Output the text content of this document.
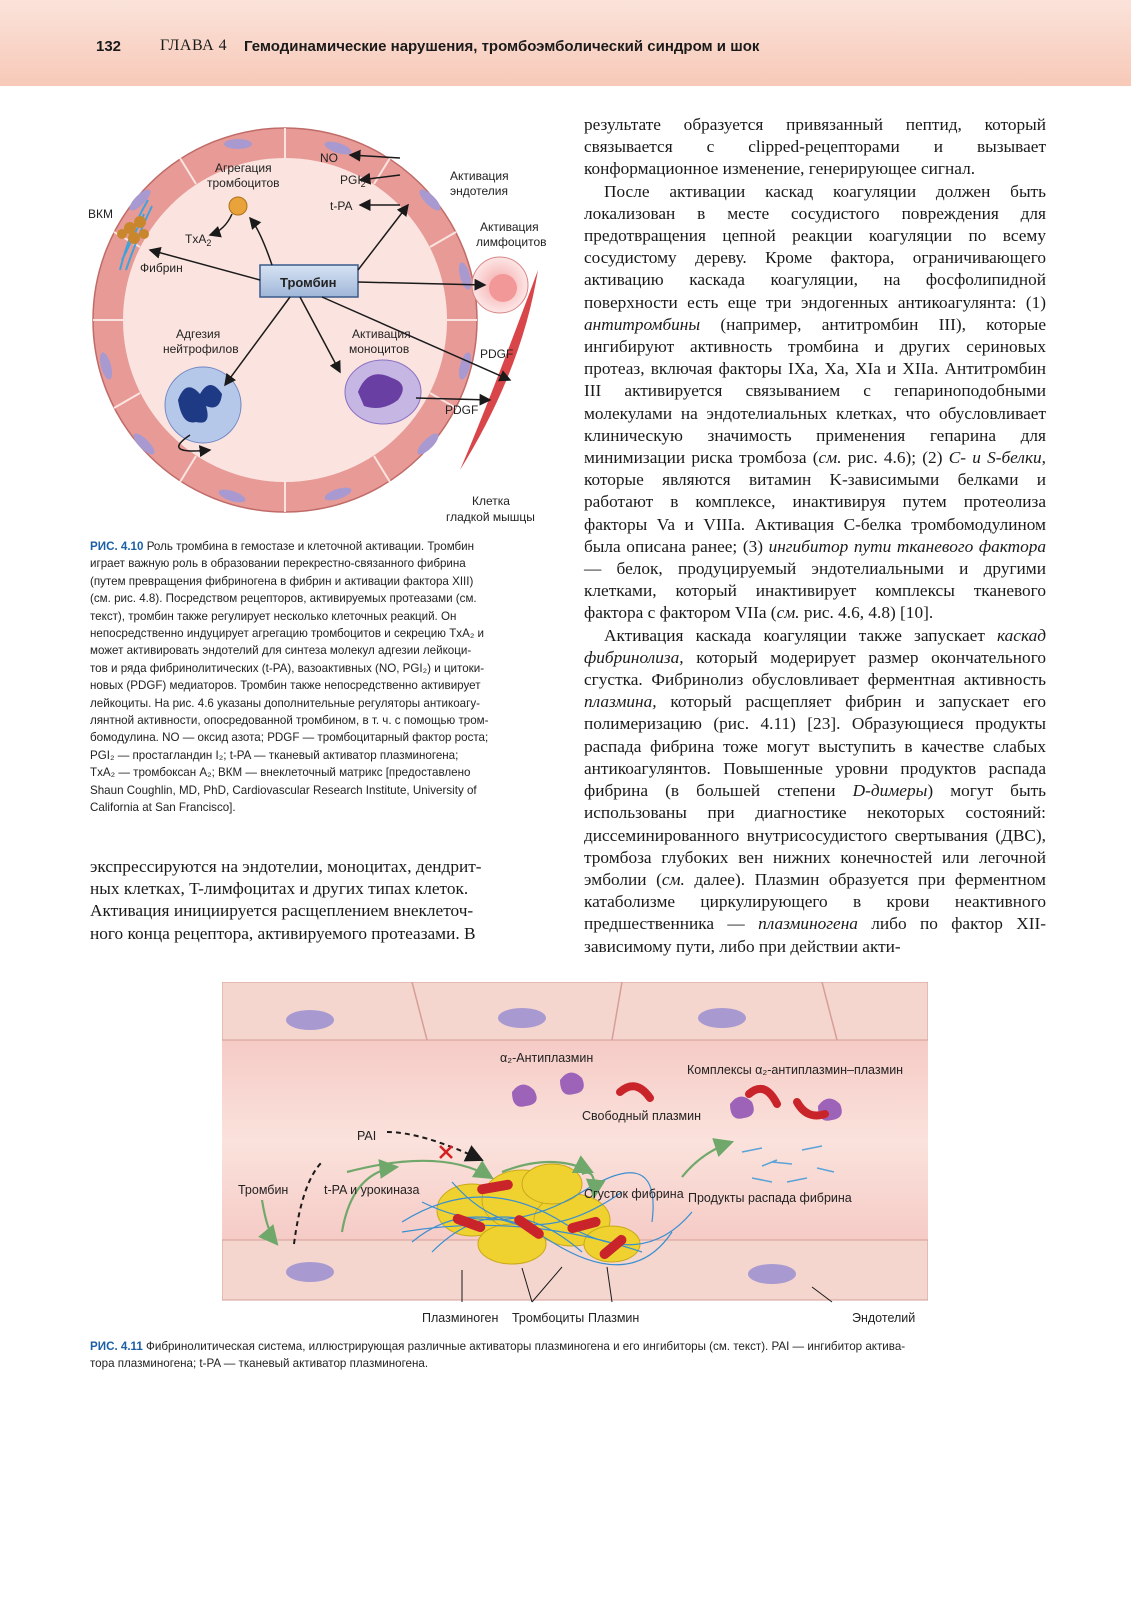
132 ГЛАВА 4 Гемодинамические нарушения, тромбоэмболический синдром и шок
Агрегация
тромбоцитов
ВКМ
Фибрин
TxA$_2$
NO
$PGI_2$
t-PA
Активация
эндотелия
Активация
лимфоцитов
Тромбин
Адгезия
нейтрофилов
Активация
моноцитов	PDGF
PDGF
Клетка
гладкой мышцы
РИС. 4.10 Роль тромбина в гемостазе и клеточной активации. Тромбин
играет важную роль в образовании перекрестно-связанного фибрина
(путем превращения фибриногена в фибрин и активации фактора XIII)
(см. рис. 4.8). Посредством рецепторов, активируемых протеазами (см.
текст), тромбин также регулирует несколько клеточных реакций. Он
непосредственно индуцирует агрегацию тромбоцитов и секрецию TxA₂ и
может активировать эндотелий для синтеза молекул адгезии лейкоци-
тов и ряда фибринолитических (t-PA), вазоактивных (NO, PGI₂) и цитоки-
новых (PDGF) медиаторов. Тромбин также непосредственно активирует
лейкоциты. На рис. 4.6 указаны дополнительные регуляторы антикоагу-
лянтной активности, опосредованной тромбином, в т. ч. с помощью тром-
бомодулина. NO — оксид азота; PDGF — тромбоцитарный фактор роста;
PGI₂ — простагландин I₂; t-PA — тканевый активатор плазминогена;
TxA₂ — тромбоксан A₂; ВКМ — внеклеточный матрикс [предоставлено
Shaun Coughlin, MD, PhD, Cardiovascular Research Institute, University of
California at San Francisco].
экспрессируются на эндотелии, моноцитах, дендрит-
ных клетках, T-лимфоцитах и других типах клеток.
Активация инициируется расщеплением внеклеточ-
ного конца рецептора, активируемого протеазами. В

результате образуется привязанный пептид, который связывается с clipped-рецепторами и вызывает конформационное изменение, генерирующее сигнал.

После активации каскад коагуляции должен быть локализован в месте сосудистого повреждения для предотвращения цепной реакции коагуляции по всему сосудистому дереву. Кроме фактора, ограничивающего активацию каскада коагуляции, на фосфолипидной поверхности есть еще три эндогенных антикоагулянта: (1) антитромбины (например, антитромбин III), которые ингибируют активность тромбина и других сериновых протеаз, включая факторы IXa, Xa, XIa и XIIa. Антитромбин III активируется связыванием с гепариноподобными молекулами на эндотелиальных клетках, что обусловливает клиническую значимость применения гепарина для минимизации риска тромбоза (см. рис. 4.6); (2) C- и S-белки, которые являются витамин K-зависимыми белками и работают в комплексе, инактивируя путем протеолиза факторы Va и VIIIa. Активация C-белка тромбомодулином была описана ранее; (3) ингибитор пути тканевого фактора — белок, продуцируемый эндотелиальными и другими клетками, который инактивирует комплексы тканевого фактора с фактором VIIa (см. рис. 4.6, 4.8) [10].

Активация каскада коагуляции также запускает каскад фибринолиза, который модерирует размер окончательного сгустка. Фибринолиз обусловливает ферментная активность плазмина, который расщепляет фибрин и запускает его полимеризацию (рис. 4.11) [23]. Образующиеся продукты распада фибрина тоже могут выступить в качестве слабых антикоагулянтов. Повышенные уровни продуктов распада фибрина (в большей степени D-димеры) могут быть использованы при диагностике некоторых состояний: диссеминированного внутрисосудистого свертывания (ДВС), тромбоза глубоких вен нижних конечностей или легочной эмболии (см. далее). Плазмин образуется при ферментном катаболизме циркулирующего в крови неактивного предшественника — плазминогена либо по фактор XII-зависимому пути, либо при действии акти-

α₂-Антиплазмин
Комплексы α₂-антиплазмин–плазмин
Свободный плазмин
PAI
Тромбин	t-PA и урокиназа	Сгусток фибрина Продукты распада фибрина
Плазминоген Тромбоциты Плазмин	Эндотелий
РИС. 4.11 Фибринолитическая система, иллюстрирующая различные активаторы плазминогена и его ингибиторы (см. текст). PAI — ингибитор актива-
тора плазминогена; t-PA — тканевый активатор плазминогена.
